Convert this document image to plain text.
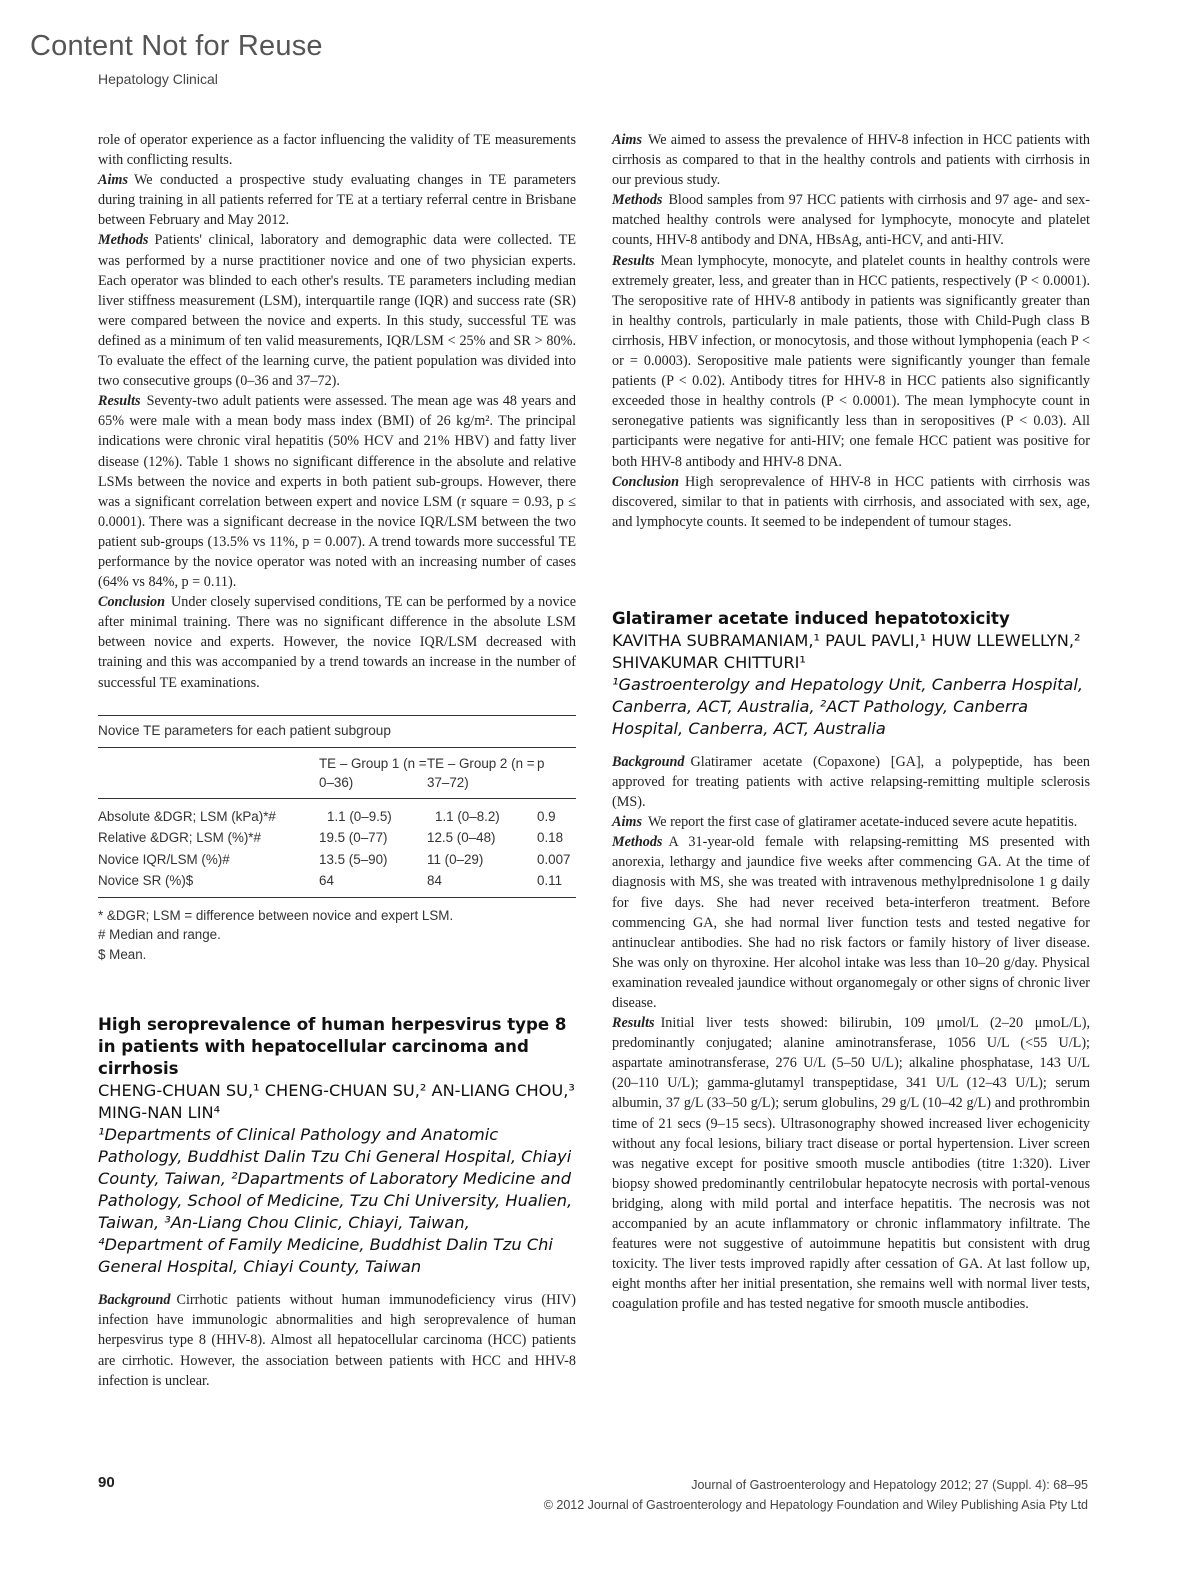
Content Not for Reuse
Hepatology Clinical

role of operator experience as a factor influencing the validity of TE measurements with conflicting results.

Aims We conducted a prospective study evaluating changes in TE parameters during training in all patients referred for TE at a tertiary referral centre in Brisbane between February and May 2012.

Methods Patients' clinical, laboratory and demographic data were collected. TE was performed by a nurse practitioner novice and one of two physician experts. Each operator was blinded to each other's results. TE parameters including median liver stiffness measurement (LSM), interquartile range (IQR) and success rate (SR) were compared between the novice and experts. In this study, successful TE was defined as a minimum of ten valid measurements, IQR/LSM < 25% and SR > 80%. To evaluate the effect of the learning curve, the patient population was divided into two consecutive groups (0–36 and 37–72).

Results Seventy-two adult patients were assessed. The mean age was 48 years and 65% were male with a mean body mass index (BMI) of 26 kg/m². The principal indications were chronic viral hepatitis (50% HCV and 21% HBV) and fatty liver disease (12%). Table 1 shows no significant difference in the absolute and relative LSMs between the novice and experts in both patient sub-groups. However, there was a significant correlation between expert and novice LSM (r square = 0.93, p ≤ 0.0001). There was a significant decrease in the novice IQR/LSM between the two patient sub-groups (13.5% vs 11%, p = 0.007). A trend towards more successful TE performance by the novice operator was noted with an increasing number of cases (64% vs 84%, p = 0.11).

Conclusion Under closely supervised conditions, TE can be performed by a novice after minimal training. There was no significant difference in the absolute LSM between novice and experts. However, the novice IQR/LSM decreased with training and this was accompanied by a trend towards an increase in the number of successful TE examinations.

Novice TE parameters for each patient subgroup
	TE – Group 1 (n = 0–36)	TE – Group 2 (n = 37–72)	p
Absolute &DGR; LSM (kPa)*#	1.1 (0–9.5)	1.1 (0–8.2)	0.9
Relative &DGR; LSM (%)*#	19.5 (0–77)	12.5 (0–48)	0.18
Novice IQR/LSM (%)#	13.5 (5–90)	11 (0–29)	0.007
Novice SR (%)$	64	84	0.11
* &DGR; LSM = difference between novice and expert LSM.
# Median and range.
$ Mean.
High seroprevalence of human herpesvirus type 8 in patients with hepatocellular carcinoma and cirrhosis
CHENG-CHUAN SU,¹ CHENG-CHUAN SU,² AN-LIANG CHOU,³ MING-NAN LIN⁴
¹Departments of Clinical Pathology and Anatomic Pathology, Buddhist Dalin Tzu Chi General Hospital, Chiayi County, Taiwan, ²Dapartments of Laboratory Medicine and Pathology, School of Medicine, Tzu Chi University, Hualien, Taiwan, ³An-Liang Chou Clinic, Chiayi, Taiwan, ⁴Department of Family Medicine, Buddhist Dalin Tzu Chi General Hospital, Chiayi County, Taiwan

Background Cirrhotic patients without human immunodeficiency virus (HIV) infection have immunologic abnormalities and high seroprevalence of human herpesvirus type 8 (HHV-8). Almost all hepatocellular carcinoma (HCC) patients are cirrhotic. However, the association between patients with HCC and HHV-8 infection is unclear.

Aims We aimed to assess the prevalence of HHV-8 infection in HCC patients with cirrhosis as compared to that in the healthy controls and patients with cirrhosis in our previous study.

Methods Blood samples from 97 HCC patients with cirrhosis and 97 age- and sex-matched healthy controls were analysed for lymphocyte, monocyte and platelet counts, HHV-8 antibody and DNA, HBsAg, anti-HCV, and anti-HIV.

Results Mean lymphocyte, monocyte, and platelet counts in healthy controls were extremely greater, less, and greater than in HCC patients, respectively (P < 0.0001). The seropositive rate of HHV-8 antibody in patients was significantly greater than in healthy controls, particularly in male patients, those with Child-Pugh class B cirrhosis, HBV infection, or monocytosis, and those without lymphopenia (each P < or = 0.0003). Seropositive male patients were significantly younger than female patients (P < 0.02). Antibody titres for HHV-8 in HCC patients also significantly exceeded those in healthy controls (P < 0.0001). The mean lymphocyte count in seronegative patients was significantly less than in seropositives (P < 0.03). All participants were negative for anti-HIV; one female HCC patient was positive for both HHV-8 antibody and HHV-8 DNA.

Conclusion High seroprevalence of HHV-8 in HCC patients with cirrhosis was discovered, similar to that in patients with cirrhosis, and associated with sex, age, and lymphocyte counts. It seemed to be independent of tumour stages.

Glatiramer acetate induced hepatotoxicity
KAVITHA SUBRAMANIAM,¹ PAUL PAVLI,¹ HUW LLEWELLYN,² SHIVAKUMAR CHITTURI¹
¹Gastroenterolgy and Hepatology Unit, Canberra Hospital, Canberra, ACT, Australia, ²ACT Pathology, Canberra Hospital, Canberra, ACT, Australia

Background Glatiramer acetate (Copaxone) [GA], a polypeptide, has been approved for treating patients with active relapsing-remitting multiple sclerosis (MS).

Aims We report the first case of glatiramer acetate-induced severe acute hepatitis.

Methods A 31-year-old female with relapsing-remitting MS presented with anorexia, lethargy and jaundice five weeks after commencing GA. At the time of diagnosis with MS, she was treated with intravenous methylprednisolone 1 g daily for five days. She had never received beta-interferon treatment. Before commencing GA, she had normal liver function tests and tested negative for antinuclear antibodies. She had no risk factors or family history of liver disease. She was only on thyroxine. Her alcohol intake was less than 10–20 g/day. Physical examination revealed jaundice without organomegaly or other signs of chronic liver disease.

Results Initial liver tests showed: bilirubin, 109 μmol/L (2–20 μmoL/L), predominantly conjugated; alanine aminotransferase, 1056 U/L (<55 U/L); aspartate aminotransferase, 276 U/L (5–50 U/L); alkaline phosphatase, 143 U/L (20–110 U/L); gamma-glutamyl transpeptidase, 341 U/L (12–43 U/L); serum albumin, 37 g/L (33–50 g/L); serum globulins, 29 g/L (10–42 g/L) and prothrombin time of 21 secs (9–15 secs). Ultrasonography showed increased liver echogenicity without any focal lesions, biliary tract disease or portal hypertension. Liver screen was negative except for positive smooth muscle antibodies (titre 1:320). Liver biopsy showed predominantly centrilobular hepatocyte necrosis with portal-venous bridging, along with mild portal and interface hepatitis. The necrosis was not accompanied by an acute inflammatory or chronic inflammatory infiltrate. The features were not suggestive of autoimmune hepatitis but consistent with drug toxicity. The liver tests improved rapidly after cessation of GA. At last follow up, eight months after her initial presentation, she remains well with normal liver tests, coagulation profile and has tested negative for smooth muscle antibodies.

90	Journal of Gastroenterology and Hepatology 2012; 27 (Suppl. 4): 68–95
© 2012 Journal of Gastroenterology and Hepatology Foundation and Wiley Publishing Asia Pty Ltd
